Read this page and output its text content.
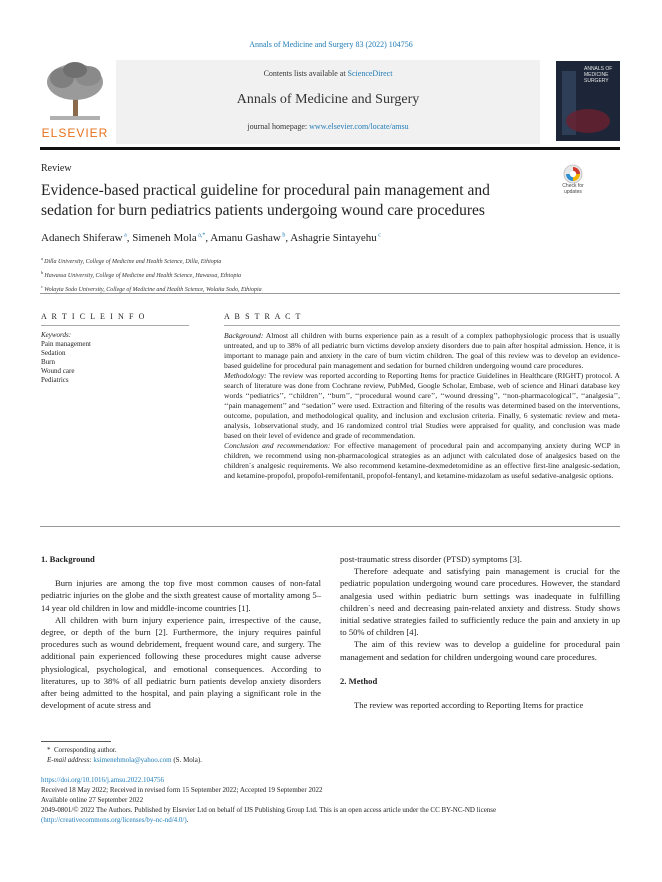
Annals of Medicine and Surgery 83 (2022) 104756
ELSEVIER
Contents lists available at ScienceDirect
Annals of Medicine and Surgery
journal homepage: www.elsevier.com/locate/amsu
ANNALS OF
MEDICINE
SURGERY
Review
Evidence-based practical guideline for procedural pain management and sedation for burn pediatrics patients undergoing wound care procedures
Check for
updates
Adanech Shiferaw $^a$, Simeneh Mola $^{a,*}$, Amanu Gashaw $^b$, Ashagrie Sintayehu $^c$
$^a$ Dilla University, College of Medicine and Health Science, Dilla, Ethiopia
$^b$ Hawassa University, College of Medicine and Health Science, Hawassa, Ethiopia
$^c$ Wolayta Sodo University, College of Medicine and Health Science, Wolaita Sodo, Ethiopia
A R T I C L E I N F O	A B S T R A C T
Keywords:
Pain management
Sedation
Burn
Wound care
Pediatrics

Background: Almost all children with burns experience pain as a result of a complex pathophysiologic process that is usually untreated, and up to 38% of all pediatric burn victims develop anxiety disorders due to pain after hospital admission. Hence, it is important to manage pain and anxiety in the care of burn victim children. The goal of this review was to develop an evidence-based guideline for procedural pain management and sedation for burned children undergoing wound care procedures.

Methodology: The review was reported according to Reporting Items for practice Guidelines in Healthcare (RIGHT) protocol. A search of literature was done from Cochrane review, PubMed, Google Scholar, Embase, web of science and Hinari database key words ‘‘pediatrics’’, ‘‘children’’, ‘‘burn’’, ‘‘procedural wound care’’, ‘‘wound dressing’’, ‘‘non-pharmacological’’, ‘‘analgesia’’, ‘‘pain management’’ and ‘‘sedation’’ were used. Extraction and filtering of the results was determined based on the interventions, outcome, population, and methodological quality, and inclusion and exclusion criteria. Finally, 6 systematic review and meta-analysis, 1observational study, and 16 randomized control trial Studies were appraised for quality, and conclusion was made based on their level of evidence and grade of recommendation.

Conclusion and recommendation: For effective management of procedural pain and accompanying anxiety during WCP in children, we recommend using non-pharmacological strategies as an adjunct with calculated dose of analgesics based on the children`s analgesic requirements. We also recommend ketamine-dexmedetomidine as an effective first-line analgesic-sedation, and ketamine-propofol, propofol-remifentanil, propofol-fentanyl, and ketamine-midazolam as useful sedative-analgesic options.

1. Background

Burn injuries are among the top five most common causes of non-fatal pediatric injuries on the globe and the sixth greatest cause of mortality among 5–14 year old children in low and middle-income countries [1].

All children with burn injury experience pain, irrespective of the cause, degree, or depth of the burn [2]. Furthermore, the injury requires painful procedures such as wound debridement, frequent wound care, and surgery. The additional pain experienced following these procedures might cause adverse physiological, psychological, and emotional consequences. According to literatures, up to 38% of all pediatric burn patients develop anxiety disorders after being admitted to the hospital, and pain playing a significant role in the development of acute stress and

post-traumatic stress disorder (PTSD) symptoms [3].

Therefore adequate and satisfying pain management is crucial for the pediatric population undergoing wound care procedures. However, the standard analgesia used within pediatric burn settings was inadequate in fulfilling children`s need and decreasing pain-related anxiety and distress. Study shows initial sedative strategies failed to sufficiently reduce the pain and anxiety in up to 50% of children [4].

The aim of this review was to develop a guideline for procedural pain management and sedation for children undergoing wound care procedures.

2. Method

The review was reported according to Reporting Items for practice

* Corresponding author.
E-mail address: ksimenehmola@yahoo.com (S. Mola).
https://doi.org/10.1016/j.amsu.2022.104756
Received 18 May 2022; Received in revised form 15 September 2022; Accepted 19 September 2022
Available online 27 September 2022
2049-0801/© 2022 The Authors. Published by Elsevier Ltd on behalf of IJS Publishing Group Ltd. This is an open access article under the CC BY-NC-ND license
(http://creativecommons.org/licenses/by-nc-nd/4.0/).
